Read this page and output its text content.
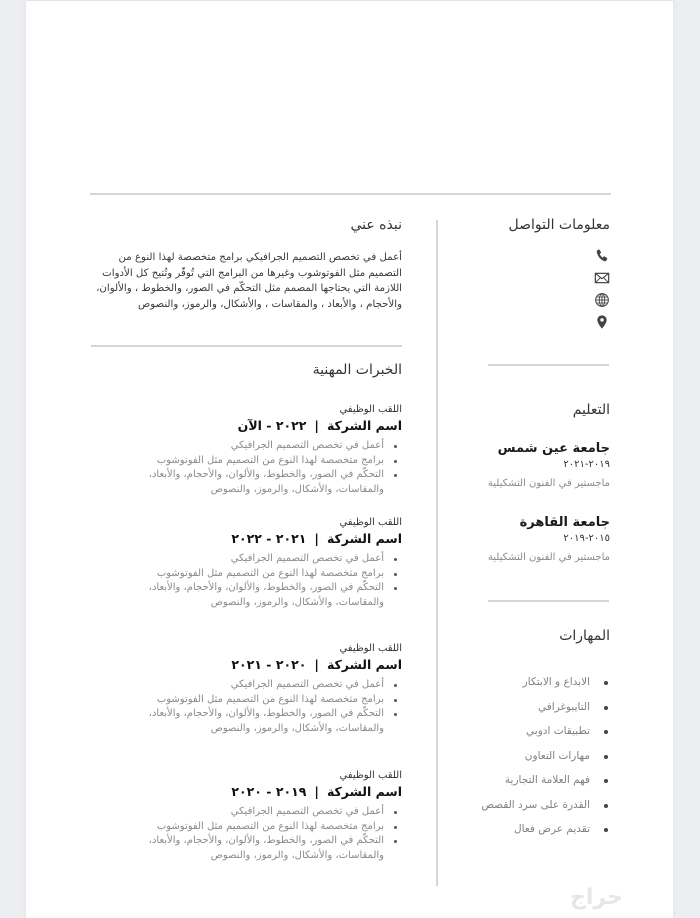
معلومات التواصل
التعليم
جامعة عين شمس
٢٠١٩-٢٠٢١
ماجستير في الفنون التشكيلية
جامعة القاهرة
٢٠١٥-٢٠١٩
ماجستير في الفنون التشكيلية
المهارات
الابداع و الابتكار
التايبوغرافي
تطبيقات ادوبي
مهارات التعاون
فهم العلامة التجارية
القدرة على سرد القصص
تقديم عرض فعال
نبذه عني

أعمل في تخصص التصميم الجرافيكي برامج متخصصة لهذا النوع من التصميم مثل الفوتوشوب وغيرها من البرامج التي تُوفّر وتُتيح كل الأدوات اللازمة التي يحتاجها المصمم مثل التحكّم في الصور، والخطوط ، والألوان، والأحجام ، والأبعاد ، والمقاسات ، والأشكال، والرموز، والنصوص

الخبرات المهنية
اللقب الوظيفي
اسم الشركة|٢٠٢٢ - الآن
أعمل في تخصص التصميم الجرافيكي
برامج متخصصة لهذا النوع من التصميم مثل الفوتوشوب
التحكّم في الصور، والخطوط، والألوان، والأحجام، والأبعاد، والمقاسات، والأشكال، والرموز، والنصوص
اللقب الوظيفي
اسم الشركة|٢٠٢١ - ٢٠٢٢
أعمل في تخصص التصميم الجرافيكي
برامج متخصصة لهذا النوع من التصميم مثل الفوتوشوب
التحكّم في الصور، والخطوط، والألوان، والأحجام، والأبعاد، والمقاسات، والأشكال، والرموز، والنصوص
اللقب الوظيفي
اسم الشركة|٢٠٢٠ - ٢٠٢١
أعمل في تخصص التصميم الجرافيكي
برامج متخصصة لهذا النوع من التصميم مثل الفوتوشوب
التحكّم في الصور، والخطوط، والألوان، والأحجام، والأبعاد، والمقاسات، والأشكال، والرموز، والنصوص
اللقب الوظيفي
اسم الشركة|٢٠١٩ - ٢٠٢٠
أعمل في تخصص التصميم الجرافيكي
برامج متخصصة لهذا النوع من التصميم مثل الفوتوشوب
التحكّم في الصور، والخطوط، والألوان، والأحجام، والأبعاد، والمقاسات، والأشكال، والرموز، والنصوص
حراج
